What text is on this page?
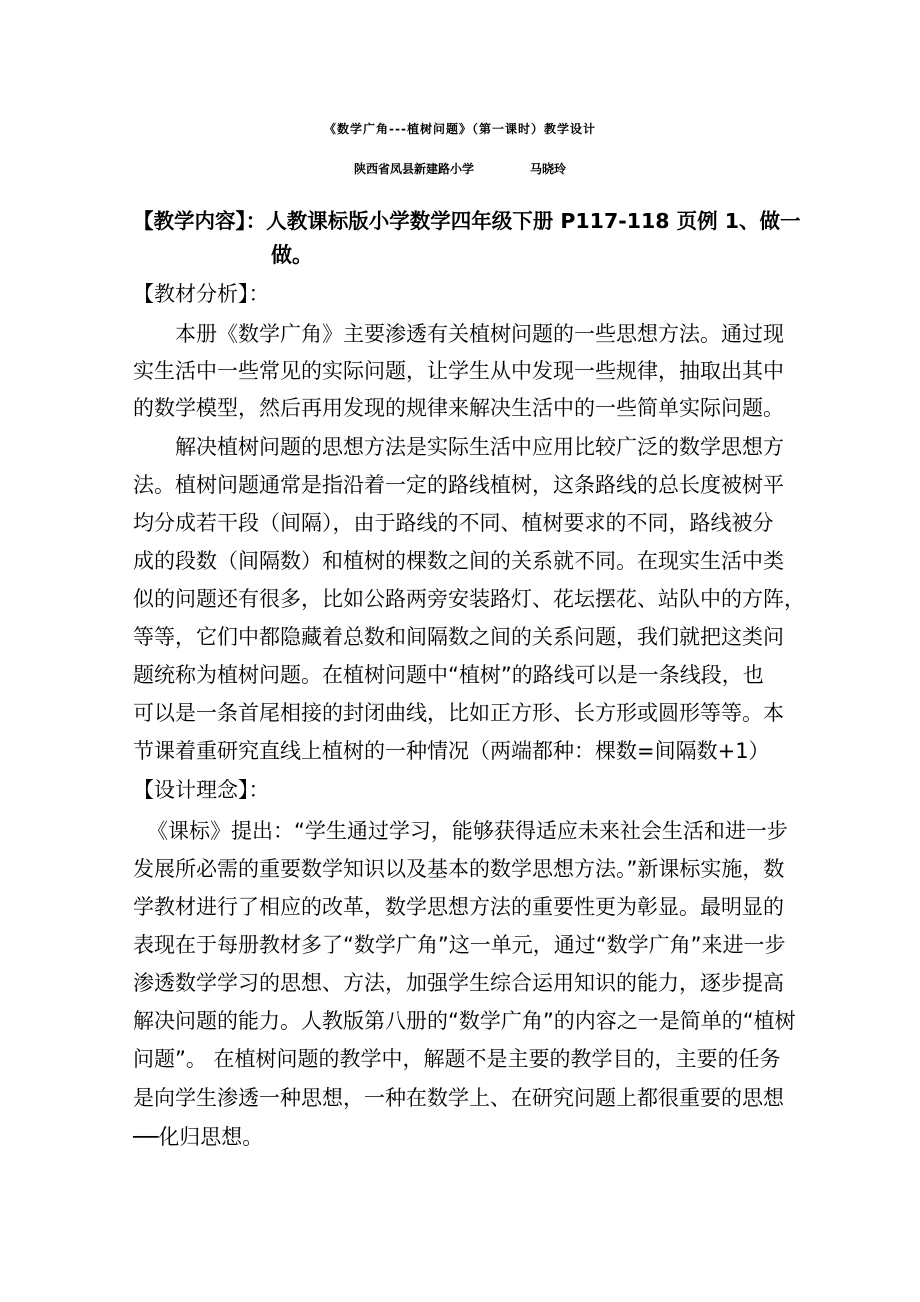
《数学广角---植树问题》（第一课时）教学设计
陕西省凤县新建路小学	马晓玲
【教学内容】：人教课标版小学数学四年级下册 P117-118 页例 1、做一
做。
【教材分析】：
本册《数学广角》主要渗透有关植树问题的一些思想方法。通过现
实生活中一些常见的实际问题，让学生从中发现一些规律，抽取出其中
的数学模型，然后再用发现的规律来解决生活中的一些简单实际问题。
解决植树问题的思想方法是实际生活中应用比较广泛的数学思想方
法。植树问题通常是指沿着一定的路线植树，这条路线的总长度被树平
均分成若干段（间隔），由于路线的不同、植树要求的不同，路线被分
成的段数（间隔数）和植树的棵数之间的关系就不同。在现实生活中类
似的问题还有很多，比如公路两旁安装路灯、花坛摆花、站队中的方阵，
等等，它们中都隐藏着总数和间隔数之间的关系问题，我们就把这类问
题统称为植树问题。在植树问题中“植树”的路线可以是一条线段，也
可以是一条首尾相接的封闭曲线，比如正方形、长方形或圆形等等。本
节课着重研究直线上植树的一种情况（两端都种：棵数=间隔数+1）
【设计理念】：
《课标》提出：“学生通过学习，能够获得适应未来社会生活和进一步
发展所必需的重要数学知识以及基本的数学思想方法。”新课标实施，数
学教材进行了相应的改革，数学思想方法的重要性更为彰显。最明显的
表现在于每册教材多了“数学广角”这一单元，通过“数学广角”来进一步
渗透数学学习的思想、方法，加强学生综合运用知识的能力，逐步提高
解决问题的能力。人教版第八册的“数学广角”的内容之一是简单的“植树
问题”。 在植树问题的教学中，解题不是主要的教学目的，主要的任务
是向学生渗透一种思想，一种在数学上、在研究问题上都很重要的思想
──化归思想。
